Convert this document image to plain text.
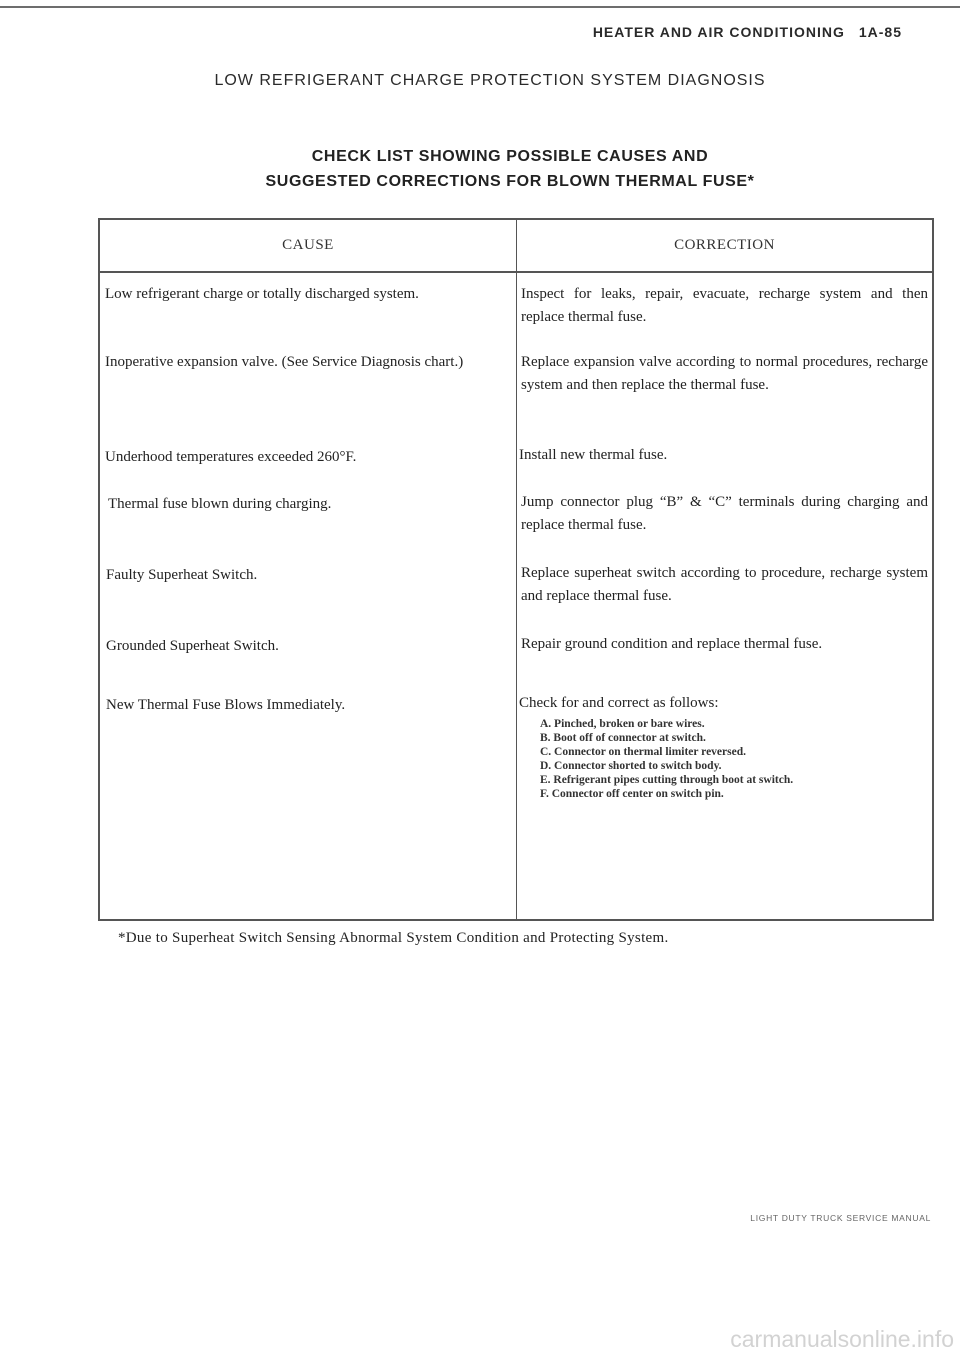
HEATER AND AIR CONDITIONING 1A-85
LOW REFRIGERANT CHARGE PROTECTION SYSTEM DIAGNOSIS
CHECK LIST SHOWING POSSIBLE CAUSES AND
SUGGESTED CORRECTIONS FOR BLOWN THERMAL FUSE*
CAUSE	CORRECTION
Low refrigerant charge or totally discharged system.	Inspect for leaks, repair, evacuate, recharge system and then replace thermal fuse.
Inoperative expansion valve. (See Service Diagnosis chart.)	Replace expansion valve according to normal procedures, recharge system and then replace the thermal fuse.
Underhood temperatures exceeded 260°F.	Install new thermal fuse.
Thermal fuse blown during charging.	Jump connector plug “B” & “C” terminals during charging and replace thermal fuse.
Faulty Superheat Switch.	Replace superheat switch according to procedure, recharge system and replace thermal fuse.
Grounded Superheat Switch.	Repair ground condition and replace thermal fuse.
New Thermal Fuse Blows Immediately.	Check for and correct as follows:
A. Pinched, broken or bare wires.
B. Boot off of connector at switch.
C. Connector on thermal limiter reversed.
D. Connector shorted to switch body.
E. Refrigerant pipes cutting through boot at switch.
F. Connector off center on switch pin.
*Due to Superheat Switch Sensing Abnormal System Condition and Protecting System.
LIGHT DUTY TRUCK SERVICE MANUAL
carmanualsonline.info
